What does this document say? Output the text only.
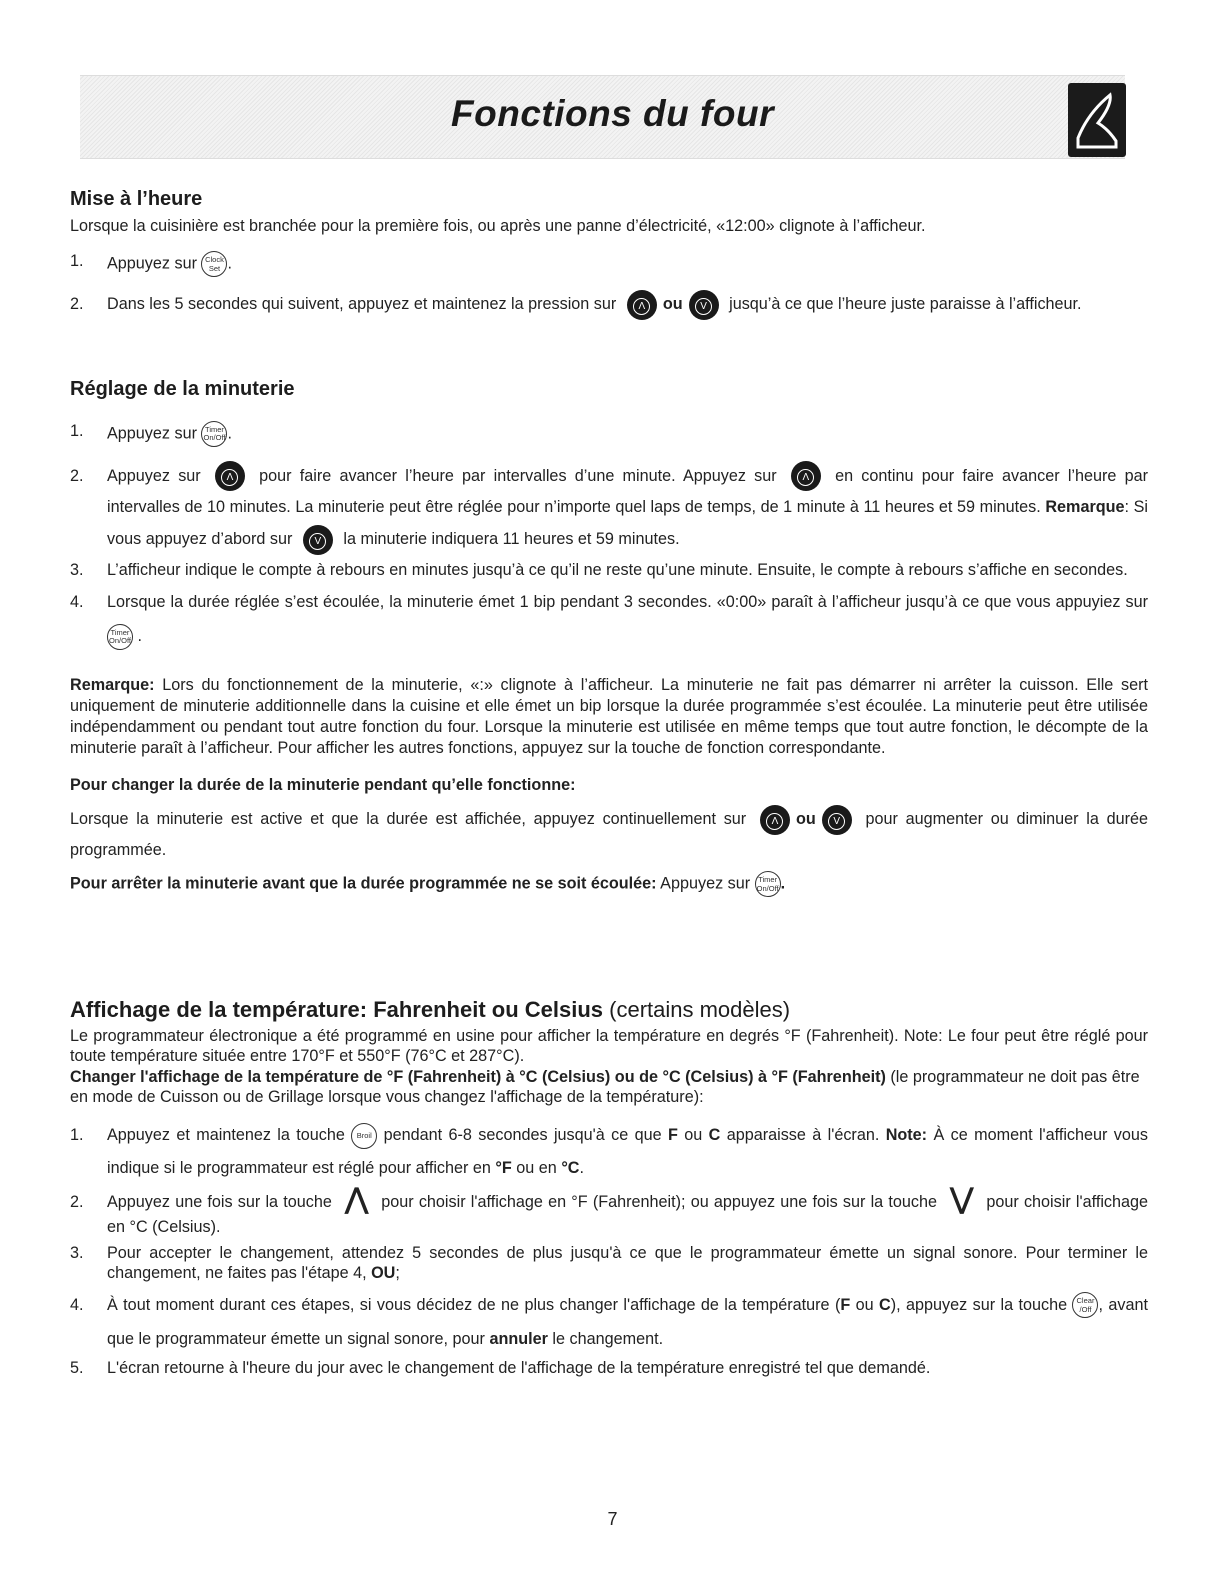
Fonctions du four
Mise à l’heure

Lorsque la cuisinière est branchée pour la première fois, ou après une panne d’électricité, «12:00» clignote à l’afficheur.

1.	Appuyez sur Clock
Set .
2.	Dans les 5 secondes qui suivent, appuyez et maintenez la pression sur Λ ou V jusqu’à ce que l’heure juste paraisse à l’afficheur.
Réglage de la minuterie
1.	Appuyez sur Timer
On/Off .
2.	Appuyez sur	Λ pour faire avancer l’heure par intervalles d’une minute. Appuyez sur	Λ en continu pour faire avancer l’heure par intervalles de 10 minutes. La minuterie peut être réglée pour n’importe quel laps de temps, de 1 minute à 11 heures et 59 minutes. Remarque: Si vous appuyez d’abord sur V la minuterie indiquera 11 heures et 59 minutes.
3.	L’afficheur indique le compte à rebours en minutes jusqu’à ce qu’il ne reste qu’une minute. Ensuite, le compte à rebours s’affiche en secondes.
4.	Lorsque la durée réglée s’est écoulée, la minuterie émet 1 bip pendant 3 secondes. «0:00» paraît à l’afficheur jusqu’à ce que vous appuyiez sur Timer
On/Off .

Remarque: Lors du fonctionnement de la minuterie, «:» clignote à l’afficheur. La minuterie ne fait pas démarrer ni arrêter la cuisson. Elle sert uniquement de minuterie additionnelle dans la cuisine et elle émet un bip lorsque la durée programmée s’est écoulée. La minuterie peut être utilisée indépendamment ou pendant tout autre fonction du four. Lorsque la minuterie est utilisée en même temps que tout autre fonction, le décompte de la minuterie paraît à l’afficheur. Pour afficher les autres fonctions, appuyez sur la touche de fonction correspondante.

Pour changer la durée de la minuterie pendant qu’elle fonctionne:

Lorsque la minuterie est active et que la durée est affichée, appuyez continuellement sur	Λ ou V pour augmenter ou diminuer la durée programmée.

Pour arrêter la minuterie avant que la durée programmée ne se soit écoulée: Appuyez sur Timer
On/Off .

Affichage de la température: Fahrenheit ou Celsius (certains modèles)

Le programmateur électronique a été programmé en usine pour afficher la température en degrés °F (Fahrenheit). Note: Le four peut être réglé pour toute température située entre 170°F et 550°F (76°C et 287°C).

Changer l'affichage de la température de °F (Fahrenheit) à °C (Celsius) ou de °C (Celsius) à °F (Fahrenheit) (le programmateur ne doit pas être en mode de Cuisson ou de Grillage lorsque vous changez l'affichage de la température):

1.	Appuyez et maintenez la touche Broil pendant 6-8 secondes jusqu'à ce que F ou C apparaisse à l'écran. Note: À ce moment l'afficheur vous indique si le programmateur est réglé pour afficher en °F ou en °C.
2.	Appuyez une fois sur la touche ⋀ pour choisir l'affichage en °F (Fahrenheit); ou appuyez une fois sur la touche ⋁ pour choisir l'affichage en °C (Celsius).
3.	Pour accepter le changement, attendez 5 secondes de plus jusqu'à ce que le programmateur émette un signal sonore. Pour terminer le changement, ne faites pas l'étape 4, OU;
4.	À tout moment durant ces étapes, si vous décidez de ne plus changer l'affichage de la température (F ou C), appuyez sur la touche Clear
/Off , avant que le programmateur émette un signal sonore, pour annuler le changement.
5.	L'écran retourne à l'heure du jour avec le changement de l'affichage de la température enregistré tel que demandé.
7
